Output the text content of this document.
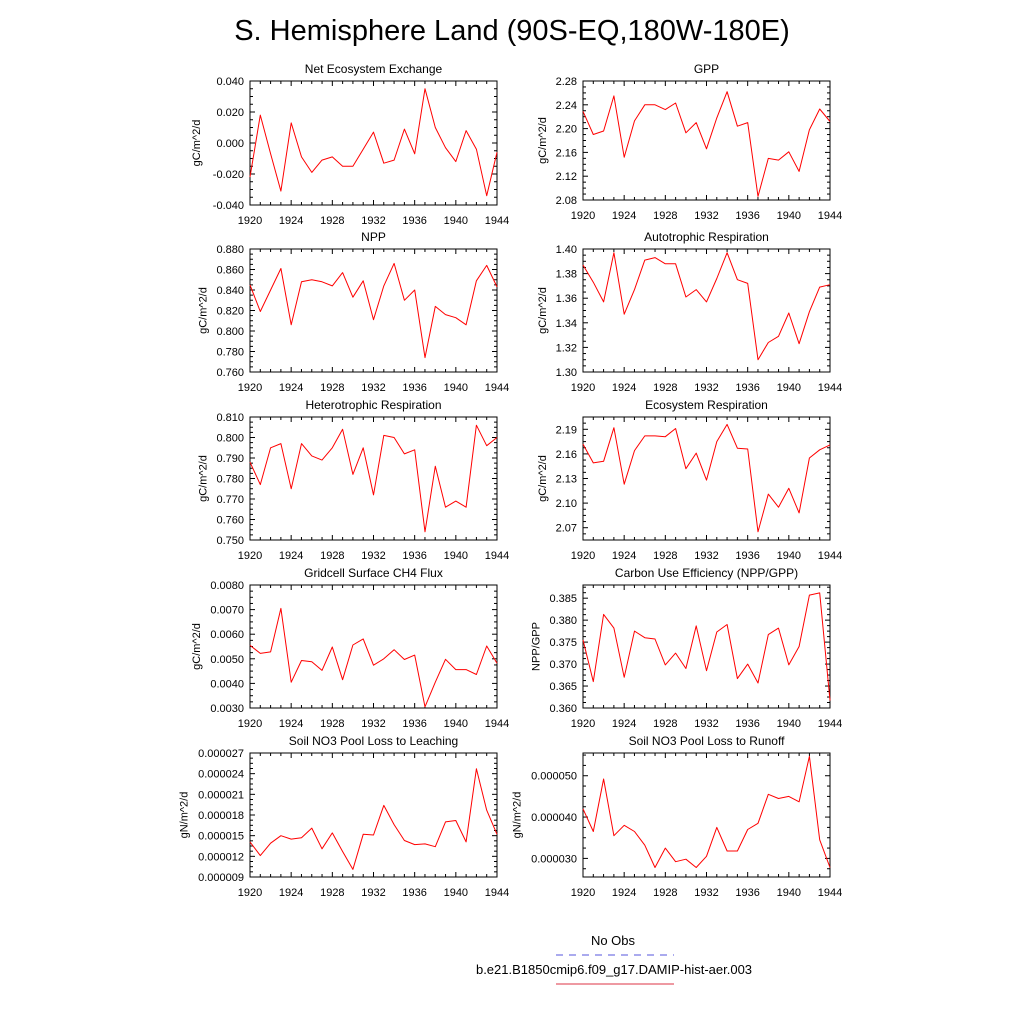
S. Hemisphere Land (90S-EQ,180W-180E)
Net Ecosystem Exchange
1920 1924 1928 1932 1936 1940 1944
-0.040
-0.020
0.000
0.020
0.040
gC/m^2/d
GPP
1920 1924 1928 1932 1936 1940 1944
2.08
2.12
2.16
2.20
2.24
2.28
gC/m^2/d
NPP
1920 1924 1928 1932 1936 1940 1944
0.760
0.780
0.800
0.820
0.840
0.860
0.880
gC/m^2/d
Autotrophic Respiration
1920 1924 1928 1932 1936 1940 1944
1.30
1.32
1.34
1.36
1.38
1.40
gC/m^2/d
Heterotrophic Respiration
1920 1924 1928 1932 1936 1940 1944
0.750
0.760
0.770
0.780
0.790
0.800
0.810
gC/m^2/d
Ecosystem Respiration
1920 1924 1928 1932 1936 1940 1944
2.07
2.10
2.13
2.16
2.19
gC/m^2/d
Gridcell Surface CH4 Flux
1920 1924 1928 1932 1936 1940 1944
0.0030
0.0040
0.0050
0.0060
0.0070
0.0080
gC/m^2/d
Carbon Use Efficiency (NPP/GPP)
1920 1924 1928 1932 1936 1940 1944
0.360
0.365
0.370
0.375
0.380
0.385
NPP/GPP
Soil NO3 Pool Loss to Leaching
1920 1924 1928 1932 1936 1940 1944
0.000009
0.000012
0.000015
0.000018
0.000021
0.000024
0.000027
gN/m^2/d
Soil NO3 Pool Loss to Runoff
1920 1924 1928 1932 1936 1940 1944
0.000030
0.000040
0.000050
gN/m^2/d
No Obs
b.e21.B1850cmip6.f09_g17.DAMIP-hist-aer.003
